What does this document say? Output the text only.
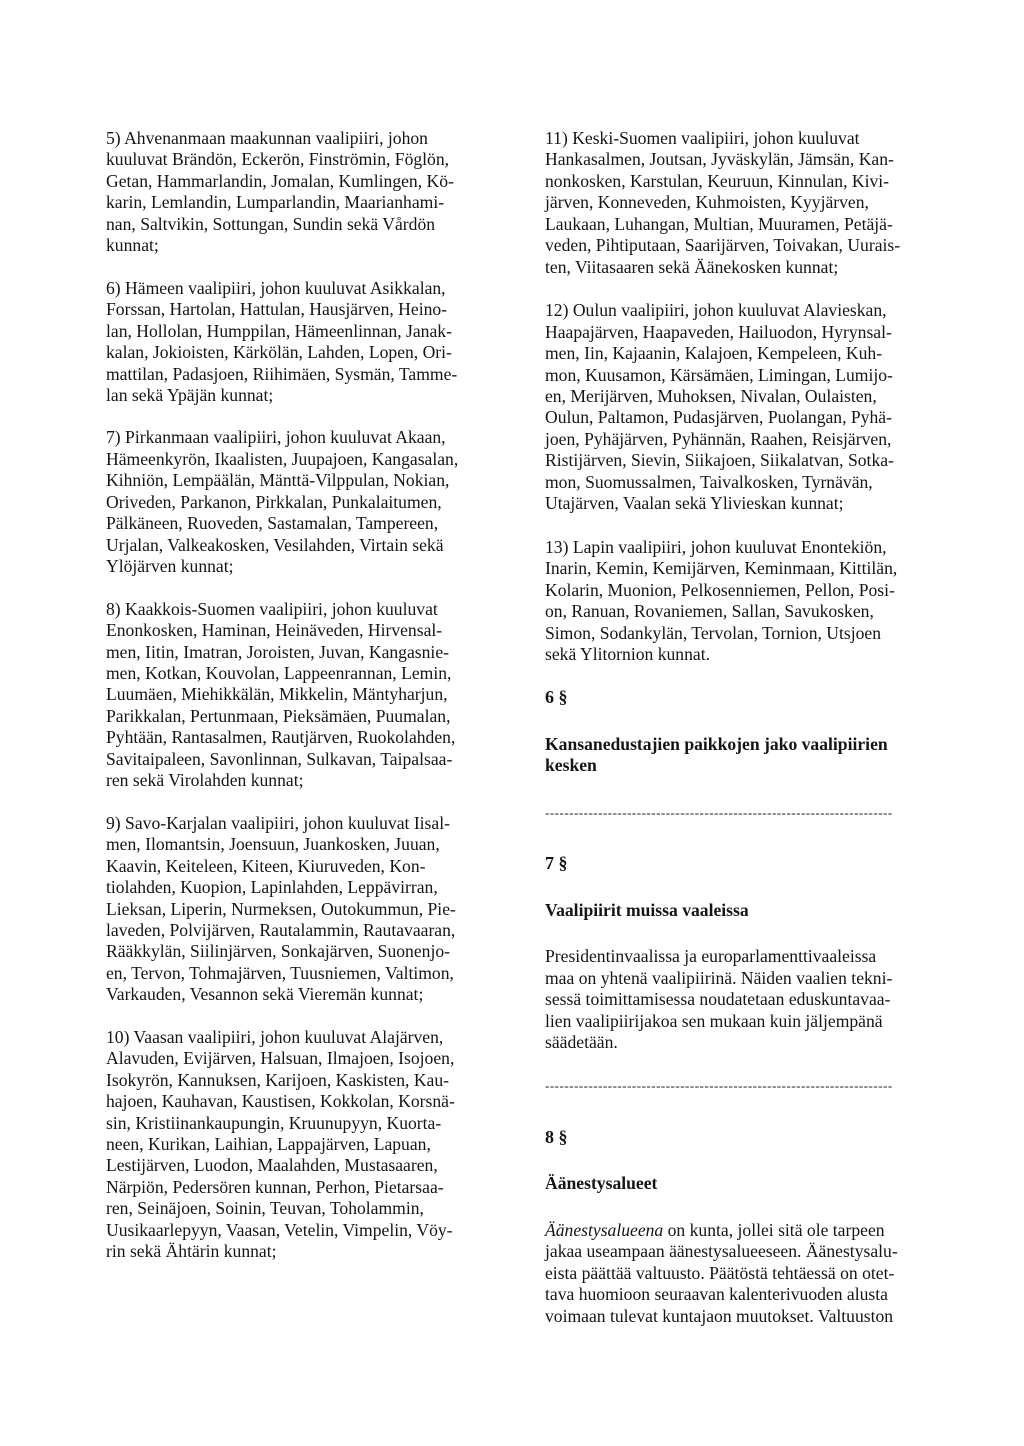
5) Ahvenanmaan maakunnan vaalipiiri, johon
kuuluvat Brändön, Eckerön, Finströmin, Föglön,
Getan, Hammarlandin, Jomalan, Kumlingen, Kö-
karin, Lemlandin, Lumparlandin, Maarianhami-
nan, Saltvikin, Sottungan, Sundin sekä Vårdön
kunnat;

6) Hämeen vaalipiiri, johon kuuluvat Asikkalan,
Forssan, Hartolan, Hattulan, Hausjärven, Heino-
lan, Hollolan, Humppilan, Hämeenlinnan, Janak-
kalan, Jokioisten, Kärkölän, Lahden, Lopen, Ori-
mattilan, Padasjoen, Riihimäen, Sysmän, Tamme-
lan sekä Ypäjän kunnat;

7) Pirkanmaan vaalipiiri, johon kuuluvat Akaan,
Hämeenkyrön, Ikaalisten, Juupajoen, Kangasalan,
Kihniön, Lempäälän, Mänttä-Vilppulan, Nokian,
Oriveden, Parkanon, Pirkkalan, Punkalaitumen,
Pälkäneen, Ruoveden, Sastamalan, Tampereen,
Urjalan, Valkeakosken, Vesilahden, Virtain sekä
Ylöjärven kunnat;

8) Kaakkois-Suomen vaalipiiri, johon kuuluvat
Enonkosken, Haminan, Heinäveden, Hirvensal-
men, Iitin, Imatran, Joroisten, Juvan, Kangasnie-
men, Kotkan, Kouvolan, Lappeenrannan, Lemin,
Luumäen, Miehikkälän, Mikkelin, Mäntyharjun,
Parikkalan, Pertunmaan, Pieksämäen, Puumalan,
Pyhtään, Rantasalmen, Rautjärven, Ruokolahden,
Savitaipaleen, Savonlinnan, Sulkavan, Taipalsaa-
ren sekä Virolahden kunnat;

9) Savo-Karjalan vaalipiiri, johon kuuluvat Iisal-
men, Ilomantsin, Joensuun, Juankosken, Juuan,
Kaavin, Keiteleen, Kiteen, Kiuruveden, Kon-
tiolahden, Kuopion, Lapinlahden, Leppävirran,
Lieksan, Liperin, Nurmeksen, Outokummun, Pie-
laveden, Polvijärven, Rautalammin, Rautavaaran,
Rääkkylän, Siilinjärven, Sonkajärven, Suonenjo-
en, Tervon, Tohmajärven, Tuusniemen, Valtimon,
Varkauden, Vesannon sekä Vieremän kunnat;

10) Vaasan vaalipiiri, johon kuuluvat Alajärven,
Alavuden, Evijärven, Halsuan, Ilmajoen, Isojoen,
Isokyrön, Kannuksen, Karijoen, Kaskisten, Kau-
hajoen, Kauhavan, Kaustisen, Kokkolan, Korsnä-
sin, Kristiinankaupungin, Kruunupyyn, Kuorta-
neen, Kurikan, Laihian, Lappajärven, Lapuan,
Lestijärven, Luodon, Maalahden, Mustasaaren,
Närpiön, Pedersören kunnan, Perhon, Pietarsaa-
ren, Seinäjoen, Soinin, Teuvan, Toholammin,
Uusikaarlepyyn, Vaasan, Vetelin, Vimpelin, Vöy-
rin sekä Ähtärin kunnat;

11) Keski-Suomen vaalipiiri, johon kuuluvat
Hankasalmen, Joutsan, Jyväskylän, Jämsän, Kan-
nonkosken, Karstulan, Keuruun, Kinnulan, Kivi-
järven, Konneveden, Kuhmoisten, Kyyjärven,
Laukaan, Luhangan, Multian, Muuramen, Petäjä-
veden, Pihtiputaan, Saarijärven, Toivakan, Uurais-
ten, Viitasaaren sekä Äänekosken kunnat;

12) Oulun vaalipiiri, johon kuuluvat Alavieskan,
Haapajärven, Haapaveden, Hailuodon, Hyrynsal-
men, Iin, Kajaanin, Kalajoen, Kempeleen, Kuh-
mon, Kuusamon, Kärsämäen, Limingan, Lumijo-
en, Merijärven, Muhoksen, Nivalan, Oulaisten,
Oulun, Paltamon, Pudasjärven, Puolangan, Pyhä-
joen, Pyhäjärven, Pyhännän, Raahen, Reisjärven,
Ristijärven, Sievin, Siikajoen, Siikalatvan, Sotka-
mon, Suomussalmen, Taivalkosken, Tyrnävän,
Utajärven, Vaalan sekä Ylivieskan kunnat;

13) Lapin vaalipiiri, johon kuuluvat Enontekiön,
Inarin, Kemin, Kemijärven, Keminmaan, Kittilän,
Kolarin, Muonion, Pelkosenniemen, Pellon, Posi-
on, Ranuan, Rovaniemen, Sallan, Savukosken,
Simon, Sodankylän, Tervolan, Tornion, Utsjoen
sekä Ylitornion kunnat.

6 §
Kansanedustajien paikkojen jako vaalipiirien
kesken
------------------------------------------------------------------------
7 §
Vaalipiirit muissa vaaleissa

Presidentinvaalissa ja europarlamenttivaaleissa
maa on yhtenä vaalipiirinä. Näiden vaalien tekni-
sessä toimittamisessa noudatetaan eduskuntavaa-
lien vaalipiirijakoa sen mukaan kuin jäljempänä
säädetään.

------------------------------------------------------------------------
8 §
Äänestysalueet

Äänestysalueena on kunta, jollei sitä ole tarpeen
jakaa useampaan äänestysalueeseen. Äänestysalu-
eista päättää valtuusto. Päätöstä tehtäessä on otet-
tava huomioon seuraavan kalenterivuoden alusta
voimaan tulevat kuntajaon muutokset. Valtuuston
